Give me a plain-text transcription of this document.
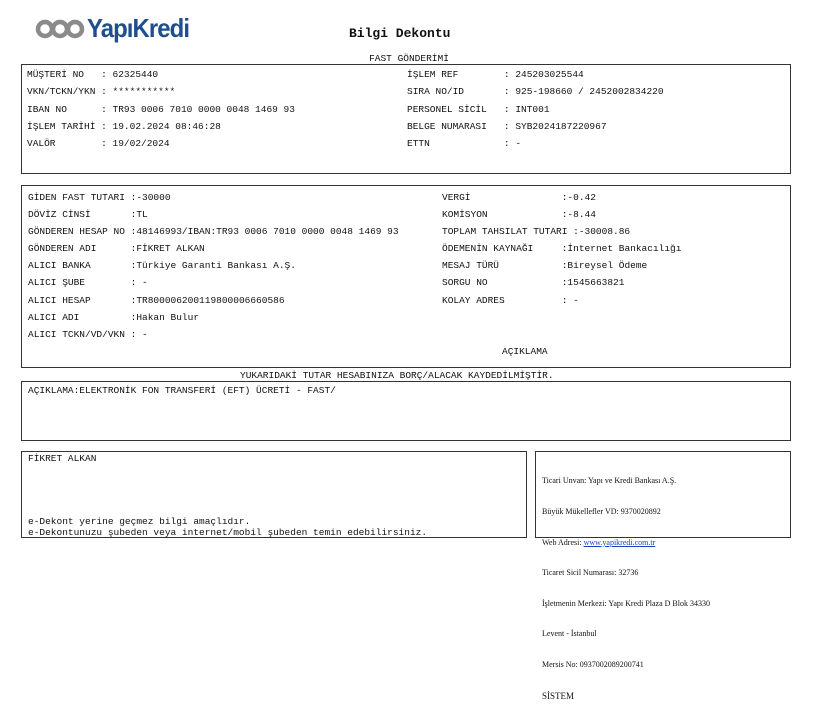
YapıKredi	Bilgi Dekontu
FAST GÖNDERİMİ
MÜŞTERİ NO   : 62325440
VKN/TCKN/YKN : ***********
IBAN NO      : TR93 0006 7010 0000 0048 1469 93
İŞLEM TARİHİ : 19.02.2024 08:46:28
VALÖR        : 19/02/2024
İŞLEM REF        : 245203025544
SIRA NO/ID       : 925-198660 / 2452002834220
PERSONEL SİCİL   : INT001
BELGE NUMARASI   : SYB2024187220967
ETTN             : -
GİDEN FAST TUTARI :-30000
DÖVİZ CİNSİ       :TL
GÖNDEREN HESAP NO :48146993/IBAN:TR93 0006 7010 0000 0048 1469 93
GÖNDEREN ADI      :FİKRET ALKAN
ALICI BANKA       :Türkiye Garanti Bankası A.Ş.
ALICI ŞUBE        : -
ALICI HESAP       :TR800006200119800006660586
ALICI ADI         :Hakan Bulur
ALICI TCKN/VD/VKN : -
VERGİ                :-0.42
KOMİSYON             :-8.44
TOPLAM TAHSILAT TUTARI :-30008.86
ÖDEMENİN KAYNAĞI     :İnternet Bankacılığı
MESAJ TÜRÜ           :Bireysel Ödeme
SORGU NO             :1545663821
KOLAY ADRES          : -
AÇIKLAMA
YUKARIDAKİ TUTAR HESABINIZA BORÇ/ALACAK KAYDEDİLMİŞTİR.
AÇIKLAMA:ELEKTRONİK FON TRANSFERİ (EFT) ÜCRETİ - FAST/
FİKRET ALKAN
e-Dekont yerine geçmez bilgi amaçlıdır.
e-Dekontunuzu şubeden veya internet/mobil şubeden temin edebilirsiniz.

Ticari Unvan: Yapı ve Kredi Bankası A.Ş.

Büyük Mükellefler VD: 9370020892

Web Adresi: www.yapikredi.com.tr

Ticaret Sicil Numarası: 32736

İşletmenin Merkezi: Yapı Kredi Plaza D Blok 34330

Levent - İstanbul

Mersis No: 0937002089200741

SİSTEM
